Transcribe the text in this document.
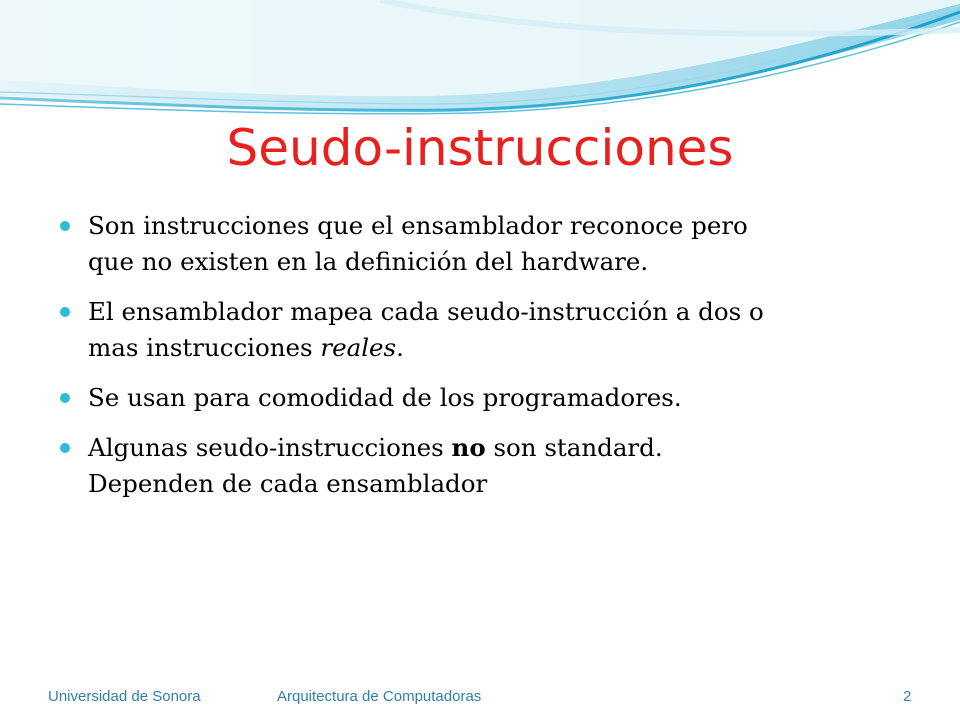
Seudo-instrucciones
Son instrucciones que el ensamblador reconoce pero
que no existen en la definición del hardware.
El ensamblador mapea cada seudo-instrucción a dos o
mas instrucciones reales.
Se usan para comodidad de los programadores.
Algunas seudo-instrucciones no son standard.
Dependen de cada ensamblador
Universidad de Sonora	Arquitectura de Computadoras	2
